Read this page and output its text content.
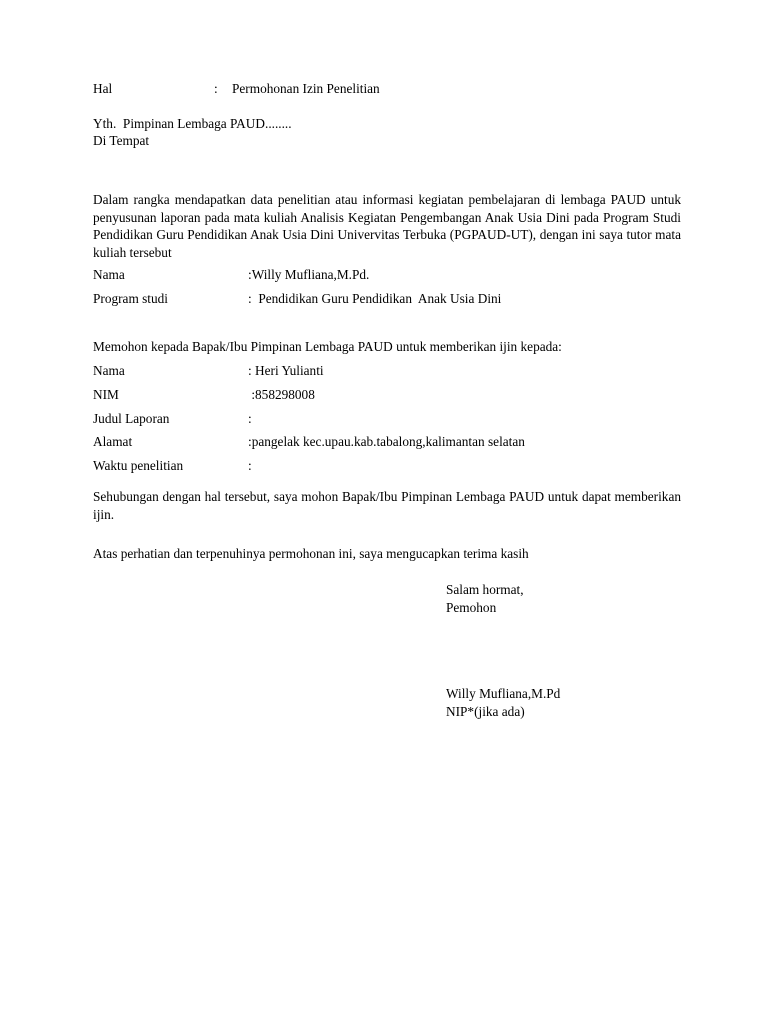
Hal	: Permohonan Izin Penelitian
Yth.  Pimpinan Lembaga PAUD........
Di Tempat

Dalam rangka mendapatkan data penelitian atau informasi kegiatan pembelajaran di lembaga PAUD untuk penyusunan laporan pada mata kuliah Analisis Kegiatan Pengembangan Anak Usia Dini pada Program Studi Pendidikan Guru Pendidikan Anak Usia Dini Univervitas Terbuka (PGPAUD-UT), dengan ini saya tutor mata kuliah tersebut

Nama	:Willy Mufliana,M.Pd.
Program studi	:  Pendidikan Guru Pendidikan  Anak Usia Dini
Memohon kepada Bapak/Ibu Pimpinan Lembaga PAUD untuk memberikan ijin kepada:
Nama	: Heri Yulianti
NIM	:858298008
Judul Laporan	:
Alamat	:pangelak kec.upau.kab.tabalong,kalimantan selatan
Waktu penelitian	:

Sehubungan dengan hal tersebut, saya mohon Bapak/Ibu Pimpinan Lembaga PAUD untuk dapat memberikan ijin.

Atas perhatian dan terpenuhinya permohonan ini, saya mengucapkan terima kasih
Salam hormat,
Pemohon
Willy Mufliana,M.Pd
NIP*(jika ada)
